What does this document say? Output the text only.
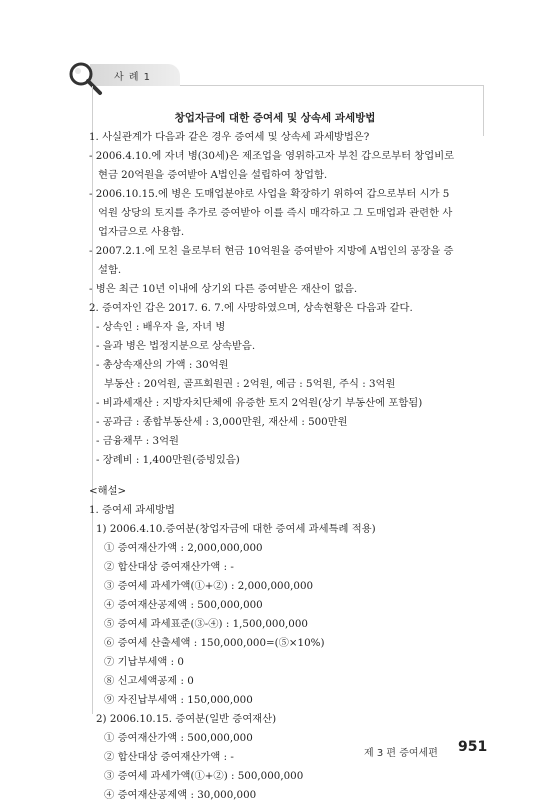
사 례 1
창업자금에 대한 증여세 및 상속세 과세방법
1. 사실관계가 다음과 같은 경우 증여세 및 상속세 과세방법은?
- 2006.4.10.에 자녀 병(30세)은 제조업을 영위하고자 부친 갑으로부터 창업비로
현금 20억원을 증여받아 A법인을 설립하여 창업함.
- 2006.10.15.에 병은 도매업분야로 사업을 확장하기 위하여 갑으로부터 시가 5
억원 상당의 토지를 추가로 증여받아 이를 즉시 매각하고 그 도매업과 관련한 사
업자금으로 사용함.
- 2007.2.1.에 모친 을로부터 현금 10억원을 증여받아 지방에 A법인의 공장을 증
설함.
- 병은 최근 10년 이내에 상기외 다른 증여받은 재산이 없음.
2. 증여자인 갑은 2017. 6. 7.에 사망하였으며, 상속현황은 다음과 같다.
- 상속인 : 배우자 을, 자녀 병
- 을과 병은 법정지분으로 상속받음.
- 총상속재산의 가액 : 30억원
부동산 : 20억원, 골프회원권 : 2억원, 예금 : 5억원, 주식 : 3억원
- 비과세재산 : 지방자치단체에 유증한 토지 2억원(상기 부동산에 포함됨)
- 공과금 : 종합부동산세 : 3,000만원, 재산세 : 500만원
- 금융채무 : 3억원
- 장례비 : 1,400만원(증빙있음)
<해설>
1. 증여세 과세방법
1) 2006.4.10.증여분(창업자금에 대한 증여세 과세특례 적용)
① 증여재산가액 : 2,000,000,000
② 합산대상 증여재산가액 : -
③ 증여세 과세가액(①+②) : 2,000,000,000
④ 증여재산공제액 : 500,000,000
⑤ 증여세 과세표준(③-④) : 1,500,000,000
⑥ 증여세 산출세액 : 150,000,000=(⑤×10%)
⑦ 기납부세액 : 0
⑧ 신고세액공제 : 0
⑨ 자진납부세액 : 150,000,000
2) 2006.10.15. 증여분(일반 증여재산)
① 증여재산가액 : 500,000,000
② 합산대상 증여재산가액 : -
③ 증여세 과세가액(①+②) : 500,000,000
④ 증여재산공제액 : 30,000,000
제 3 편 증여세편 951
